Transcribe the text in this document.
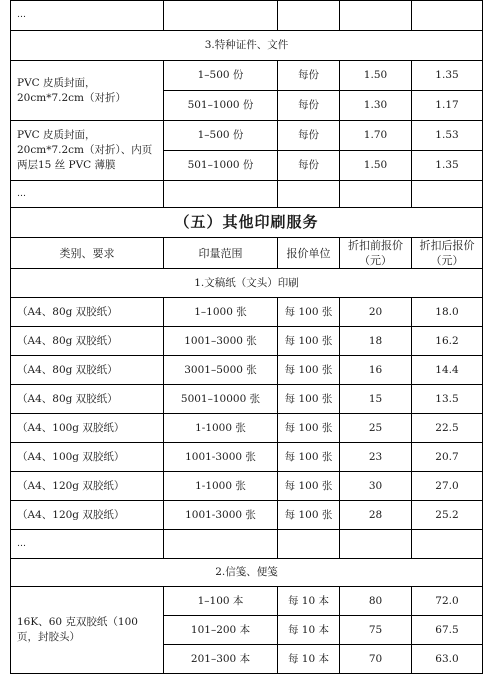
…				
3.特种证件、文件				
PVC 皮质封面，20cm*7.2cm（对折）	1–500 份	每份	1.50	1.35
	501–1000 份	每份	1.30	1.17
PVC 皮质封面，20cm*7.2cm（对折）、内页两层15 丝 PVC 薄膜	1–500 份	每份	1.70	1.53
	501–1000 份	每份	1.50	1.35
…				
（五）其他印刷服务				
类别、要求	印量范围	报价单位	折扣前报价（元）	折扣后报价（元）
1.文稿纸（文头）印刷				
（A4、80g 双胶纸）	1–1000 张	每 100 张	20	18.0
（A4、80g 双胶纸）	1001–3000 张	每 100 张	18	16.2
（A4、80g 双胶纸）	3001–5000 张	每 100 张	16	14.4
（A4、80g 双胶纸）	5001–10000 张	每 100 张	15	13.5
（A4、100g 双胶纸）	1-1000 张	每 100 张	25	22.5
（A4、100g 双胶纸）	1001-3000 张	每 100 张	23	20.7
（A4、120g 双胶纸）	1-1000 张	每 100 张	30	27.0
（A4、120g 双胶纸）	1001-3000 张	每 100 张	28	25.2
…				
2.信笺、便笺				
16K、60 克双胶纸（100 页，封胶头）	1–100 本	每 10 本	80	72.0
	101–200 本	每 10 本	75	67.5
	201–300 本	每 10 本	70	63.0
